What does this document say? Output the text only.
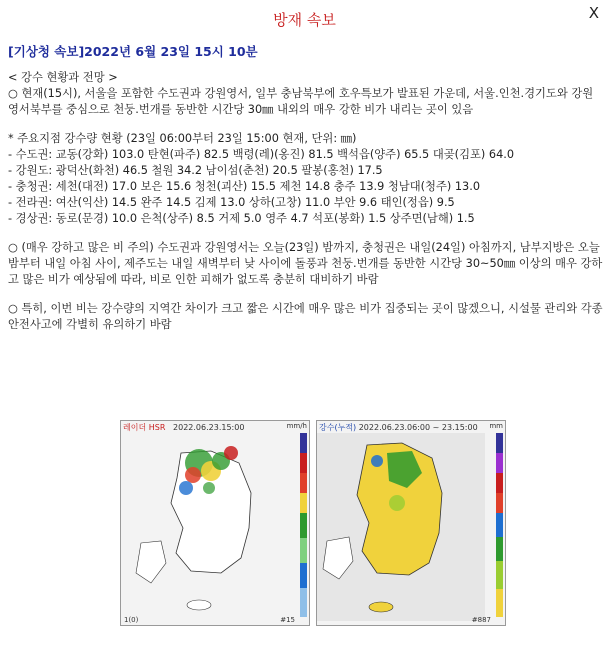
방재 속보	X
[기상청 속보]2022년 6월 23일 15시 10분

< 강수 현황과 전망 >

○ 현재(15시), 서울을 포함한 수도권과 강원영서, 일부 충남북부에 호우특보가 발표된 가운데, 서울.인천.경기도와 강원영서북부를 중심으로 천둥.번개를 동반한 시간당 30㎜ 내외의 매우 강한 비가 내리는 곳이 있음

* 주요지점 강수량 현황 (23일 06:00부터 23일 15:00 현재, 단위: ㎜)

- 수도권: 교동(강화) 103.0 탄현(파주) 82.5 백령(레)(옹진) 81.5 백석읍(양주) 65.5 대곶(김포) 64.0

- 강원도: 광덕산(화천) 46.5 철원 34.2 남이섬(춘천) 20.5 팔봉(홍천) 17.5

- 충청권: 세천(대전) 17.0 보은 15.6 청천(괴산) 15.5 제천 14.8 충주 13.9 청남대(청주) 13.0

- 전라권: 여산(익산) 14.5 완주 14.5 김제 13.0 상하(고창) 11.0 부안 9.6 태인(정읍) 9.5

- 경상권: 동로(문경) 10.0 은척(상주) 8.5 거제 5.0 영주 4.7 석포(봉화) 1.5 상주면(남해) 1.5

○ (매우 강하고 많은 비 주의) 수도권과 강원영서는 오늘(23일) 밤까지, 충청권은 내일(24일) 아침까지, 남부지방은 오늘 밤부터 내일 아침 사이, 제주도는 내일 새벽부터 낮 사이에 돌풍과 천둥.번개를 동반한 시간당 30~50㎜ 이상의 매우 강하고 많은 비가 예상됨에 따라, 비로 인한 피해가 없도록 충분히 대비하기 바람

○ 특히, 이번 비는 강수량의 지역간 차이가 크고 짧은 시간에 매우 많은 비가 집중되는 곳이 많겠으니, 시설물 관리와 각종 안전사고에 각별히 유의하기 바람

레이더 HSR 2022.06.23.15:00	mm/h
1(0)	#15
강수(누적) 2022.06.23.06:00 ~ 23.15:00 mm
#887
